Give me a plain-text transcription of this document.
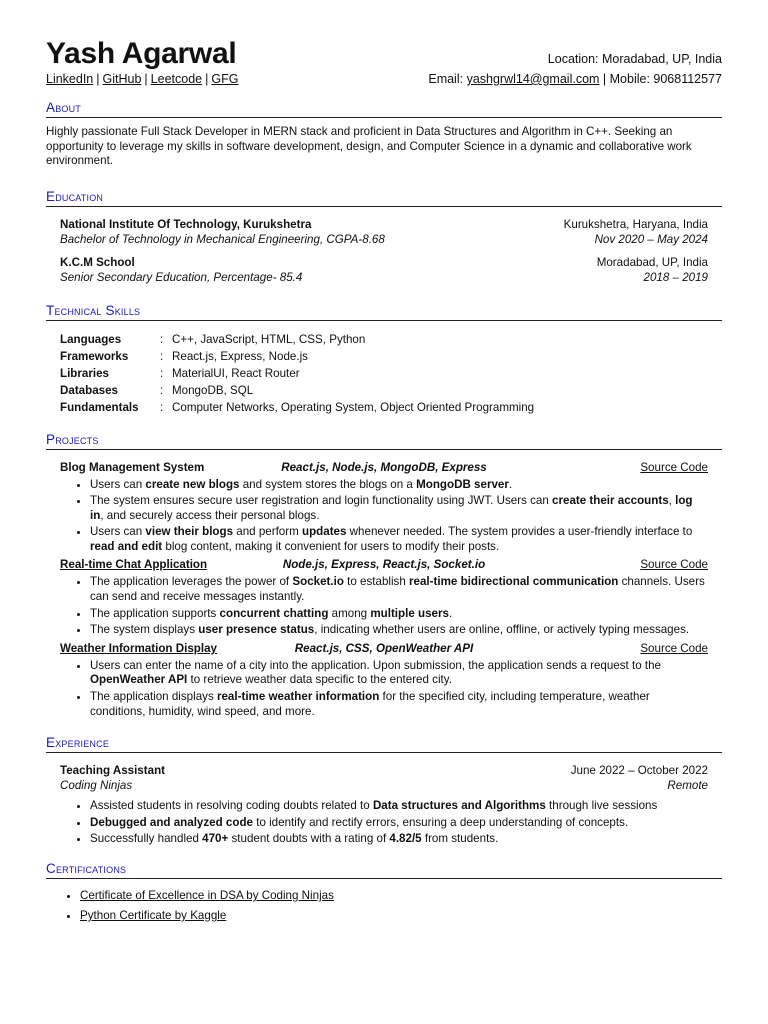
Yash Agarwal
LinkedIn | GitHub | Leetcode | GFG
Location: Moradabad, UP, India
Email: yashgrwl14@gmail.com | Mobile: 9068112577
About
Highly passionate Full Stack Developer in MERN stack and proficient in Data Structures and Algorithm in C++. Seeking an opportunity to leverage my skills in software development, design, and Computer Science in a dynamic and collaborative work environment.
Education
National Institute Of Technology, Kurukshetra	Kurukshetra, Haryana, India
Bachelor of Technology in Mechanical Engineering, CGPA-8.68	Nov 2020 – May 2024
K.C.M School	Moradabad, UP, India
Senior Secondary Education, Percentage- 85.4	2018 – 2019
Technical Skills
Languages	: C++, JavaScript, HTML, CSS, Python
Frameworks	: React.js, Express, Node.js
Libraries	: MaterialUI, React Router
Databases	: MongoDB, SQL
Fundamentals	: Computer Networks, Operating System, Object Oriented Programming
Projects
Blog Management System	React.js, Node.js, MongoDB, Express	Source Code
• Users can create new blogs and system stores the blogs on a MongoDB server.
• The system ensures secure user registration and login functionality using JWT. Users can create their accounts, log in, and securely access their personal blogs.
• Users can view their blogs and perform updates whenever needed. The system provides a user-friendly interface to read and edit blog content, making it convenient for users to modify their posts.
Real-time Chat Application	Node.js, Express, React.js, Socket.io	Source Code
• The application leverages the power of Socket.io to establish real-time bidirectional communication channels. Users can send and receive messages instantly.
• The application supports concurrent chatting among multiple users.
• The system displays user presence status, indicating whether users are online, offline, or actively typing messages.
Weather Information Display	React.js, CSS, OpenWeather API	Source Code
• Users can enter the name of a city into the application. Upon submission, the application sends a request to the OpenWeather API to retrieve weather data specific to the entered city.
• The application displays real-time weather information for the specified city, including temperature, weather conditions, humidity, wind speed, and more.
Experience
Teaching Assistant	June 2022 – October 2022
Coding Ninjas	Remote
• Assisted students in resolving coding doubts related to Data structures and Algorithms through live sessions
• Debugged and analyzed code to identify and rectify errors, ensuring a deep understanding of concepts.
• Successfully handled 470+ student doubts with a rating of 4.82/5 from students.
Certifications
• Certificate of Excellence in DSA by Coding Ninjas
• Python Certificate by Kaggle
